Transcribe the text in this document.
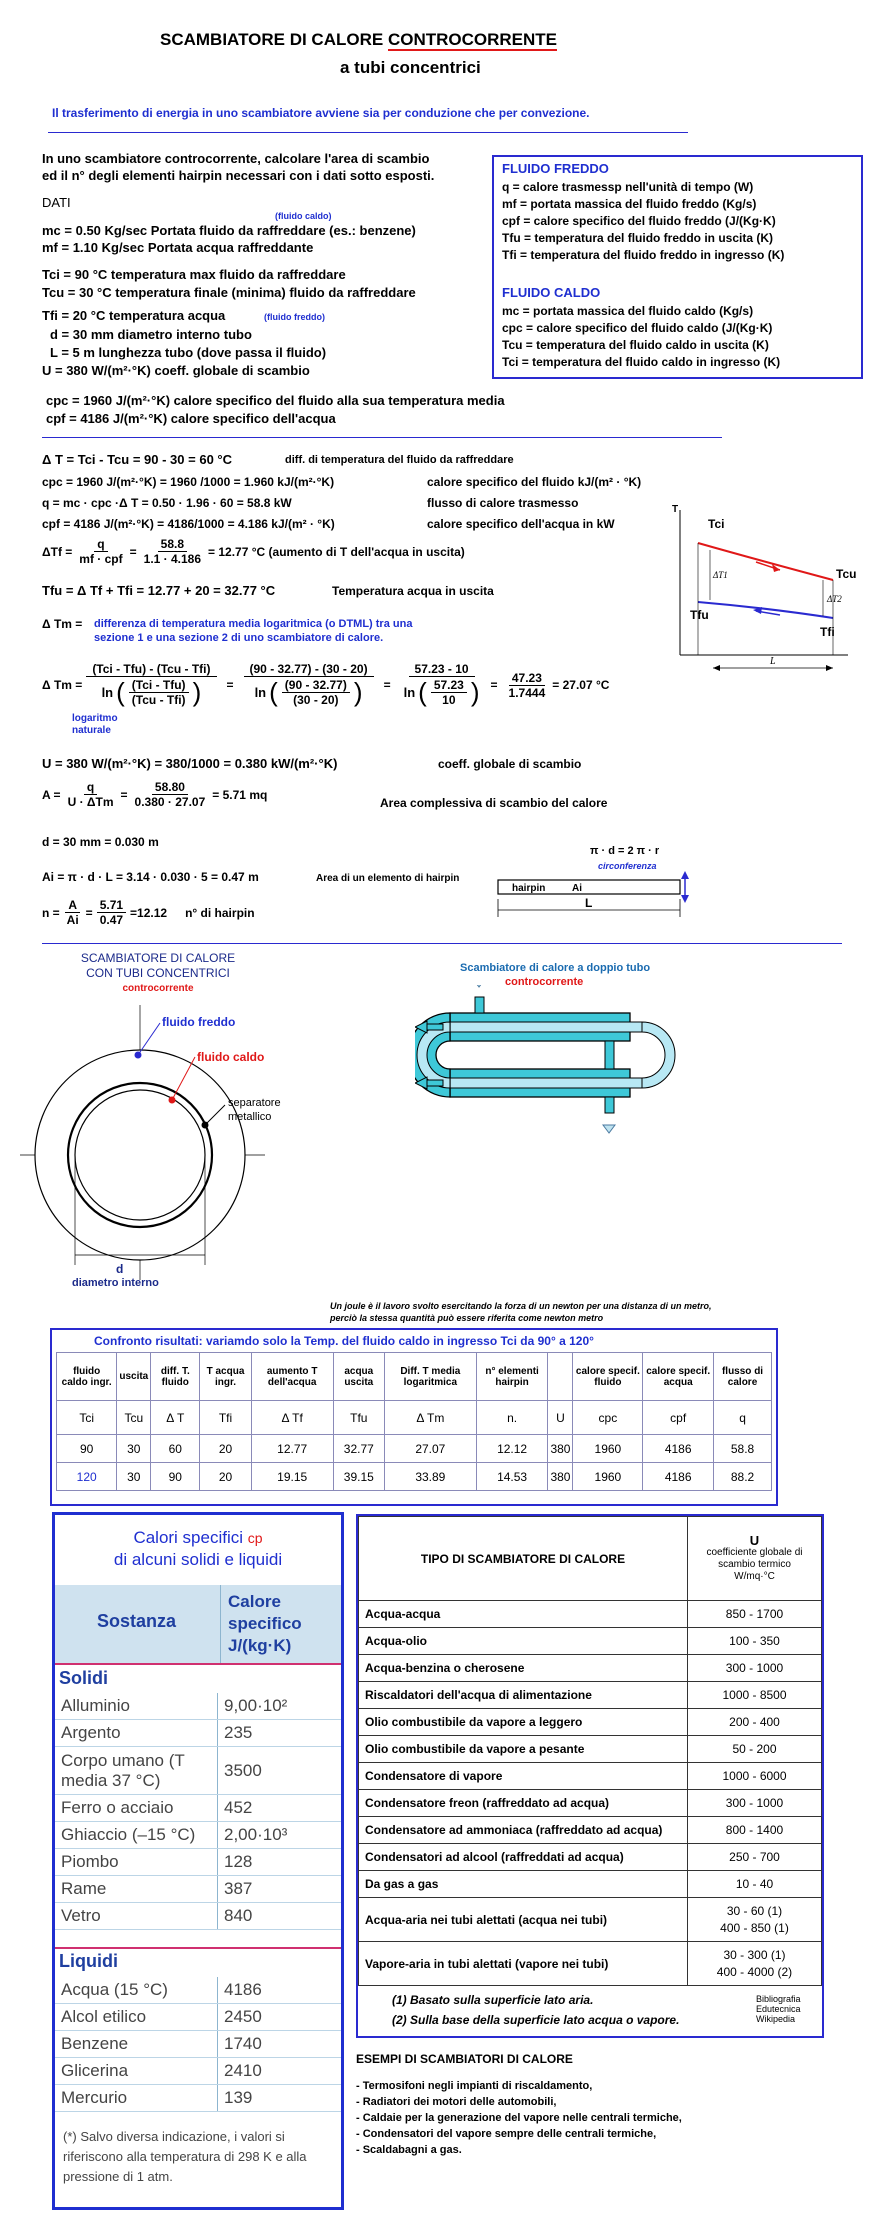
SCAMBIATORE DI CALORE CONTROCORRENTE
a tubi concentrici
Il trasferimento di energia in uno scambiatore avviene sia per conduzione che per convezione.
In uno scambiatore controcorrente, calcolare l'area di scambio
ed il n° degli elementi hairpin necessari con i dati sotto esposti.
DATI
(fluido caldo)
mc = 0.50 Kg/sec Portata fluido da raffreddare (es.: benzene)
mf = 1.10 Kg/sec Portata acqua raffreddante
Tci = 90 °C temperatura max fluido da raffreddare
Tcu = 30 °C temperatura finale (minima) fluido da raffreddare
Tfi = 20 °C temperatura acqua	(fluido freddo)
d = 30 mm diametro interno tubo
L = 5 m lunghezza tubo (dove passa il fluido)
U = 380 W/(m²·°K) coeff. globale di scambio
cpc = 1960 J/(m²·°K) calore specifico del fluido alla sua temperatura media
cpf = 4186 J/(m²·°K) calore specifico dell'acqua
FLUIDO FREDDO
q = calore trasmessp nell'unità di tempo (W)
mf = portata massica del fluido freddo (Kg/s)
cpf = calore specifico del fluido freddo (J/(Kg·K)
Tfu = temperatura del fluido freddo in uscita (K)
Tfi = temperatura del fluido freddo in ingresso (K)
FLUIDO CALDO
mc = portata massica del fluido caldo (Kg/s)
cpc = calore specifico del fluido caldo (J/(Kg·K)
Tcu = temperatura del fluido caldo in uscita (K)
Tci = temperatura del fluido caldo in ingresso (K)
Δ T = Tci - Tcu = 90 - 30 = 60 °C	diff. di temperatura del fluido da raffreddare
cpc = 1960 J/(m²·°K) = 1960 /1000 = 1.960 kJ/(m²·°K)	calore specifico del fluido kJ/(m² · °K)
q = mc · cpc ·Δ T = 0.50 · 1.96 · 60 = 58.8 kW	flusso di calore trasmesso
cpf = 4186 J/(m²·°K) = 4186/1000 = 4.186 kJ/(m² · °K)	calore specifico dell'acqua in kW
$\Delta Tf = \frac{q}{\text{mf · cpf}} = \frac{58.8}{1.1 \cdot 4.186} = 12.77$ °C (aumento di T dell'acqua in uscita)
Tfu = Δ Tf + Tfi = 12.77 + 20 = 32.77 °C	Temperatura acqua in uscita
Δ Tm = differenza di temperatura media logaritmica (o DTML) tra una
sezione 1 e una sezione 2 di uno scambiatore di calore.
Δ $Tm = \frac{\text{(Tci - Tfu) - (Tcu - Tfi)}}{\ln ( \frac{\text{(Tci - Tfu)}}{\text{(Tcu - Tfi)}} )} = \frac{(90 - 32.77) - (30 - 20)}{\ln ( \frac{(90 - 32.77)}{(30 - 20)} )} = \frac{57.23 - 10}{\ln ( \frac{57.23}{10} )} = \frac{47.23}{1.7444} = 27.07$ °C
logaritmo
naturale
U = 380 W/(m²·°K) = 380/1000 = 0.380 kW/(m²·°K)	coeff. globale di scambio
$A = \frac{q}{\text{U · ΔTm}} = \frac{58.80}{0.380 \cdot 27.07} = 5.71$ mq
Area complessiva di scambio del calore
d = 30 mm = 0.030 m
Ai = π · d · L = 3.14 · 0.030 · 5 = 0.47 m	Area di un elemento di hairpin
$n = \frac{A}{Ai} = \frac{5.71}{0.47} =12.12$ n° di hairpin
T
Tci
Tcu
Tfu
Tfi
ΔT1
ΔT2
L
π · d = 2 π · r
circonferenza
hairpin	Ai
L
SCAMBIATORE DI CALORE
CON TUBI CONCENTRICI
controcorrente
fluido freddo
fluido caldo
separatore
metallico
d
diametro interno
Scambiatore di calore a doppio tubo
controcorrente
Un joule è il lavoro svolto esercitando la forza di un newton per una distanza di un metro,
perciò la stessa quantità può essere riferita come newton metro
Confronto risultati: variamdo solo la Temp. del fluido caldo in ingresso Tci da 90° a 120°
fluido caldo ingr.	uscita	diff. T. fluido	T acqua ingr.	aumento T dell'acqua	acqua uscita	Diff. T media logaritmica	n° elementi hairpin		calore specif. fluido	calore specif. acqua	flusso di calore
Tci	Tcu	Δ T	Tfi	Δ Tf	Tfu	Δ Tm	n.	U	cpc	cpf	q
90	30	60	20	12.77	32.77	27.07	12.12	380	1960	4186	58.8
120	30	90	20	19.15	39.15	33.89	14.53	380	1960	4186	88.2
Calori specifici cp
di alcuni solidi e liquidi
Sostanza
Calore
specifico
J/(kg·K)
Solidi
Alluminio	9,00·10²
Argento	235
Corpo umano (T media 37 °C)	3500
Ferro o acciaio	452
Ghiaccio (–15 °C)	2,00·10³
Piombo	128
Rame	387
Vetro	840
Liquidi
Acqua (15 °C)	4186
Alcol etilico	2450
Benzene	1740
Glicerina	2410
Mercurio	139
(*) Salvo diversa indicazione, i valori si riferiscono alla temperatura di 298 K e alla pressione di 1 atm.
TIPO DI SCAMBIATORE DI CALORE	U
coefficiente globale di scambio termico
W/mq·°C

Acqua-acqua	850 - 1700
Acqua-olio	100 - 350
Acqua-benzina o cherosene	300 - 1000
Riscaldatori dell'acqua di alimentazione	1000 - 8500
Olio combustibile da vapore a leggero	200 - 400
Olio combustibile da vapore a pesante	50 - 200
Condensatore di vapore	1000 - 6000
Condensatore freon (raffreddato ad acqua)	300 - 1000
Condensatore ad ammoniaca (raffreddato ad acqua)	800 - 1400
Condensatori ad alcool (raffreddati ad acqua)	250 - 700
Da gas a gas	10 - 40
Acqua-aria nei tubi alettati (acqua nei tubi)	30 - 60 (1)
400 - 850 (1)
Vapore-aria in tubi alettati (vapore nei tubi)	30 - 300 (1)
400 - 4000 (2)
(1) Basato sulla superficie lato aria.
(2) Sulla base della superficie lato acqua o vapore.
Bibliografia
Edutecnica
Wikipedia
ESEMPI DI SCAMBIATORI DI CALORE
- Termosifoni negli impianti di riscaldamento,
- Radiatori dei motori delle automobili,
- Caldaie per la generazione del vapore nelle centrali termiche,
- Condensatori del vapore sempre delle centrali termiche,
- Scaldabagni a gas.
